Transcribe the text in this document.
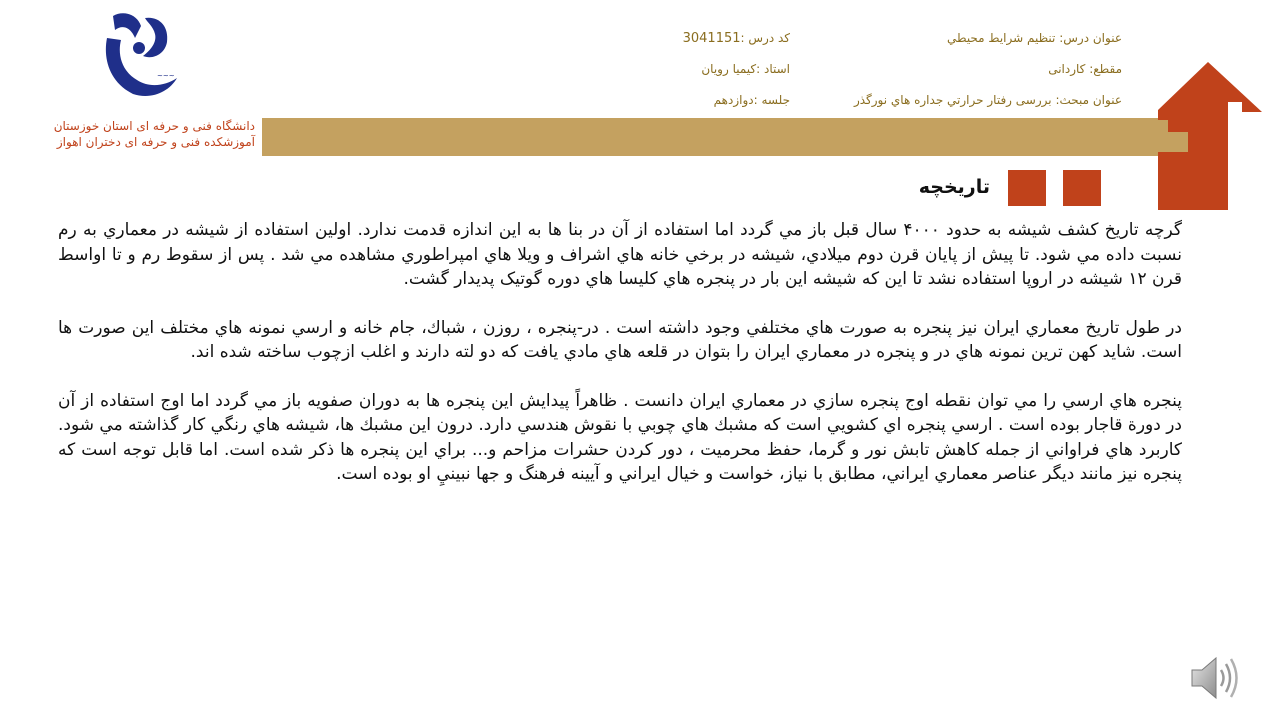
~~~
دانشگاه فنی و حرفه ای استان خوزستان
آموزشکده فنی و حرفه ای دختران اهواز
عنوان درس: تنظيم شرايط محيطي
کد درس :3041151
مقطع: کاردانی
استاد :کیمیا رویان
عنوان مبحث: بررسی رفتار حرارتي جداره هاي نورگذر
جلسه :دوازدهم
تاريخچه

گرچه تاريخ کشف شيشه به حدود ۴۰۰۰ سال قبل باز مي گردد اما استفاده از آن در بنا ها به اين اندازه قدمت ندارد. اولين استفاده از شيشه در معماري به رم نسبت داده مي شود. تا پيش از پايان قرن دوم ميلادي، شيشه در برخي خانه هاي اشراف و ويلا هاي امپراطوري مشاهده مي شد . پس از سقوط رم و تا اواسط قرن ۱۲ شيشه در اروپا استفاده نشد تا اين که شيشه اين بار در پنجره هاي کليسا هاي دوره گوتيک پديدار گشت.

در طول تاريخ معماري ايران نيز پنجره به صورت هاي مختلفي وجود داشته است . در-پنجره ، روزن ، شباك، جام خانه و ارسي نمونه هاي مختلف اين صورت ها است. شايد کهن ترين نمونه هاي در و پنجره در معماري ايران را بتوان در قلعه هاي مادي يافت که دو لته دارند و اغلب ازچوب ساخته شده اند.

پنجره هاي ارسي را مي توان نقطه اوج پنجره سازي در معماري ايران دانست . ظاهراً پيدايش اين پنجره ها به دوران صفويه باز مي گردد اما اوج استفاده از آن در دورة قاجار بوده است . ارسي پنجره اي کشويي است که مشبك هاي چوبي با نقوش هندسي دارد. درون اين مشبك ها، شيشه هاي رنگي کار گذاشته مي شود. کاربرد هاي فراواني از جمله کاهش تابش نور و گرما، حفظ محرميت ، دور کردن حشرات مزاحم و... براي اين پنجره ها ذکر شده است. اما قابل توجه است که پنجره نيز مانند ديگر عناصر معماري ايراني، مطابق با نياز، خواست و خيال ايراني و آيينه فرهنگ و جها نبينيِ او بوده است.
